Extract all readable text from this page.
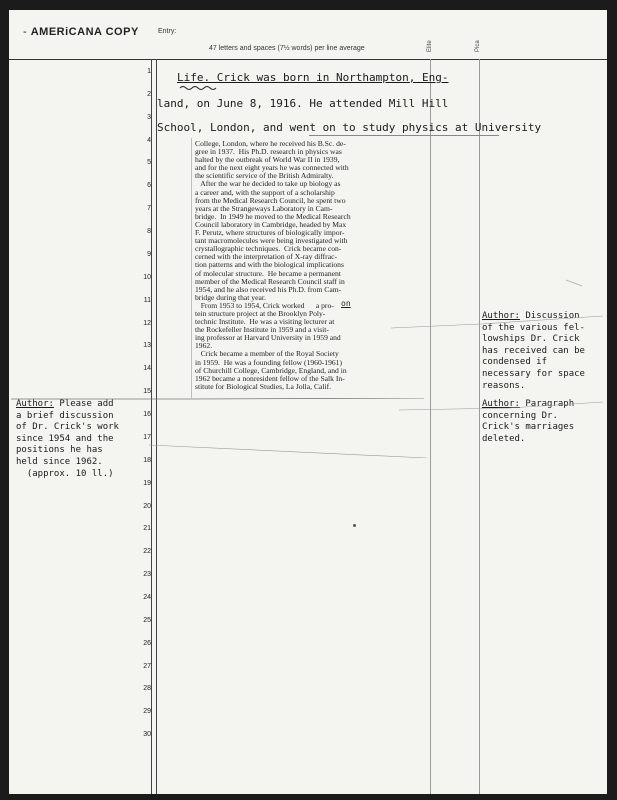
- AMERiCANA COPY	Entry:
47 letters and spaces (7½ words) per line average	Elite	Pica
1
2
3
4
5
6
7
8
9
10
11
12
13
14
15
16
17
18
19
20
21
22
23
24
25
26
27
28
29
30
Life. Crick was born in Northampton, Eng-
land, on June 8, 1916. He attended Mill Hill
School, London, and went on to study physics at University
College, London, where he received his B.Sc. de-
gree in 1937.  His Ph.D. research in physics was
halted by the outbreak of World War II in 1939,
and for the next eight years he was connected with
the scientific service of the British Admiralty.
After the war he decided to take up biology as
a career and, with the support of a scholarship
from the Medical Research Council, he spent two
years at the Strangeways Laboratory in Cam-
bridge.  In 1949 he moved to the Medical Research
Council laboratory in Cambridge, headed by Max
F. Perutz, where structures of biologically impor-
tant macromolecules were being investigated with
crystallographic techniques.  Crick became con-
cerned with the interpretation of X-ray diffrac-
tion patterns and with the biological implications
of molecular structure.  He became a permanent
member of the Medical Research Council staff in
1954, and he also received his Ph.D. from Cam-
bridge during that year.
From 1953 to 1954, Crick worked      a pro-
tein structure project at the Brooklyn Poly-
technic Institute.  He was a visiting lecturer at
the Rockefeller Institute in 1959 and a visit-
ing professor at Harvard University in 1959 and
1962.
Crick became a member of the Royal Society
in 1959.  He was a founding fellow (1960-1961)
of Churchill College, Cambridge, England, and in
1962 became a nonresident fellow of the Salk In-
stitute for Biological Studies, La Jolla, Calif.
on
Author: Please add
a brief discussion
of Dr. Crick's work
since 1954 and the
positions he has
held since 1962.
(approx. 10 ll.)
Author: Discussion
of the various fel-
lowships Dr. Crick
has received can be
condensed if
necessary for space
reasons.
Author: Paragraph
concerning Dr.
Crick's marriages
deleted.
